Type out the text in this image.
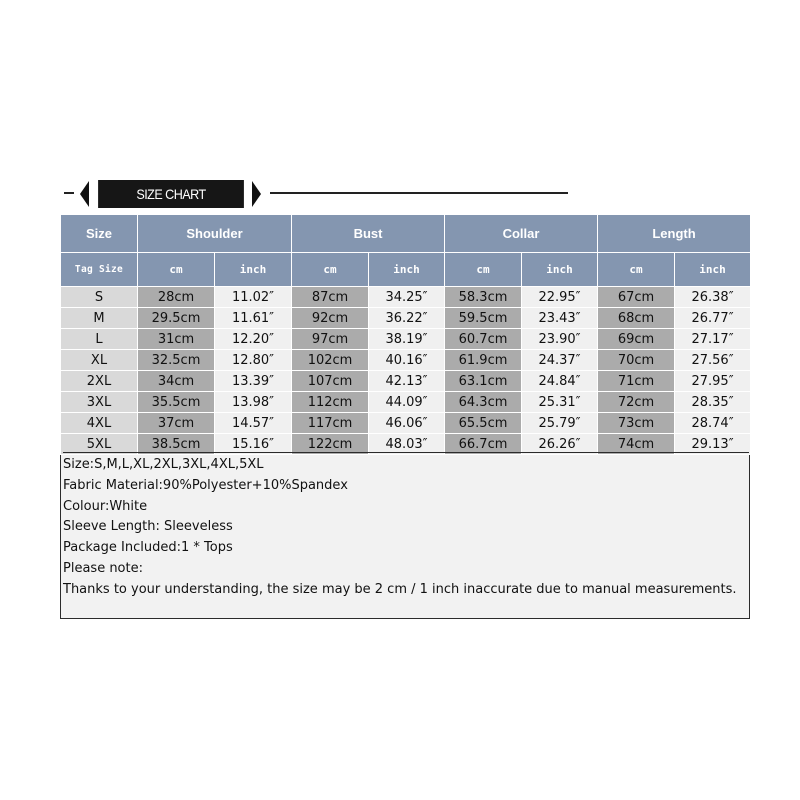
SIZE CHART
Size	Shoulder		Bust		Collar		Length	
Tag Size	cm	inch	cm	inch	cm	inch	cm	inch
S	28cm	11.02″	87cm	34.25″	58.3cm	22.95″	67cm	26.38″
M	29.5cm	11.61″	92cm	36.22″	59.5cm	23.43″	68cm	26.77″
L	31cm	12.20″	97cm	38.19″	60.7cm	23.90″	69cm	27.17″
XL	32.5cm	12.80″	102cm	40.16″	61.9cm	24.37″	70cm	27.56″
2XL	34cm	13.39″	107cm	42.13″	63.1cm	24.84″	71cm	27.95″
3XL	35.5cm	13.98″	112cm	44.09″	64.3cm	25.31″	72cm	28.35″
4XL	37cm	14.57″	117cm	46.06″	65.5cm	25.79″	73cm	28.74″
5XL	38.5cm	15.16″	122cm	48.03″	66.7cm	26.26″	74cm	29.13″
Size:S,M,L,XL,2XL,3XL,4XL,5XL
Fabric Material:90%Polyester+10%Spandex
Colour:White
Sleeve Length: Sleeveless
Package Included:1 * Tops
Please note:
Thanks to your understanding, the size may be 2 cm / 1 inch inaccurate due to manual measurements.
